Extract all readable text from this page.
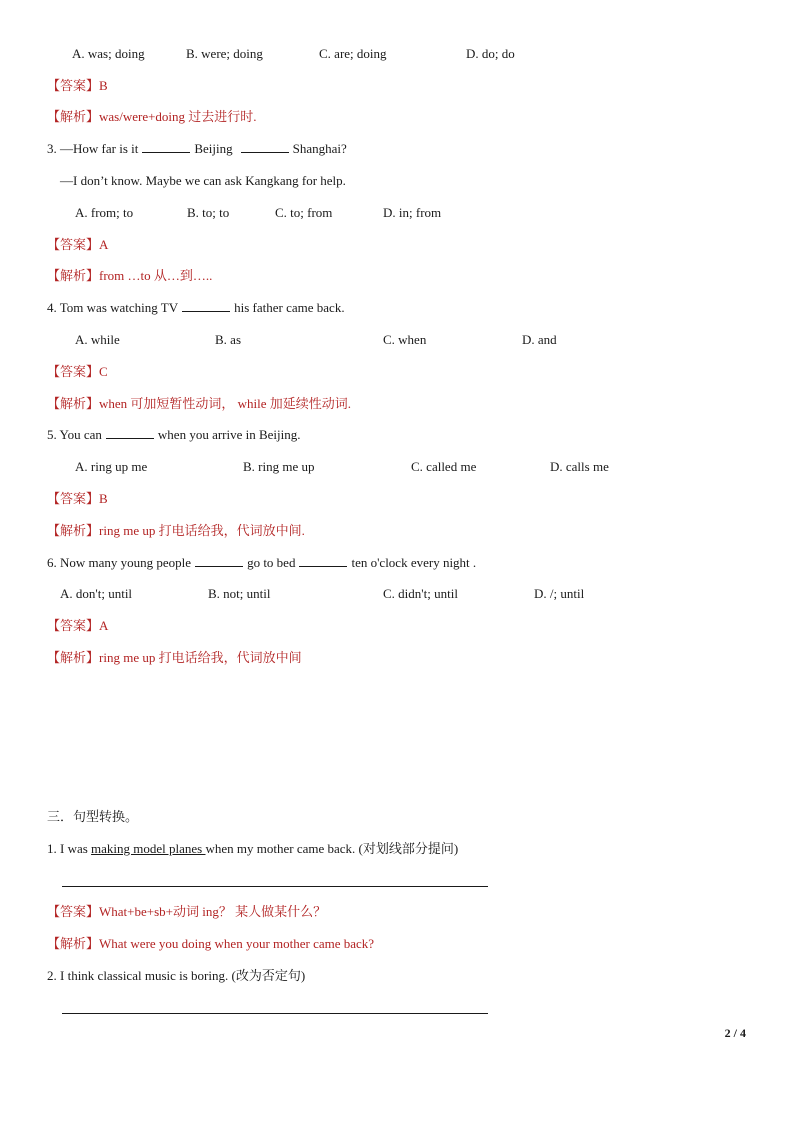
A. was; doing	B. were; doing	C. are; doing	D. do; do
【答案】B
【解析】was/were+doing 过去进行时.
3. —How far is it	Beijing	Shanghai?
—I don’t know. Maybe we can ask Kangkang for help.
A. from; to	B. to; to	C. to; from	D. in; from
【答案】A
【解析】from …to 从…到…..
4. Tom was watching TV	his father came back.
A. while	B. as	C. when	D. and
【答案】C
【解析】when 可加短暂性动词， while 加延续性动词.
5. You can	when you arrive in Beijing.
A. ring up me	B. ring me up	C. called me	D. calls me
【答案】B
【解析】ring me up 打电话给我，代词放中间.
6. Now many young people	go to bed	ten o'clock every night .
A. don't; until	B. not; until	C. didn't; until	D. /; until
【答案】A
【解析】ring me up 打电话给我，代词放中间
三．句型转换。
1. I was making model planes when my mother came back. (对划线部分提问)
【答案】What+be+sb+动词 ing？ 某人做某什么？
【解析】What were you doing when your mother came back?
2. I think classical music is boring. (改为否定句)
2 / 4
